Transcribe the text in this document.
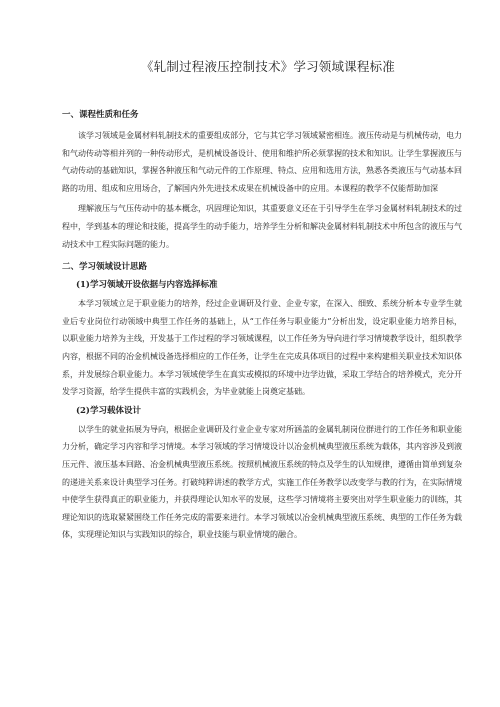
《轧制过程液压控制技术》学习领域课程标准
一、课程性质和任务
该学习领域是金属材料轧制技术的重要组成部分，它与其它学习领域紧密相连。液压传动是与机械传动，电力和气动传动等相并列的一种传动形式，是机械设备设计、使用和维护所必须掌握的技术和知识。让学生掌握液压与气动传动的基础知识，掌握各种液压和气动元件的工作原理、特点、应用和选用方法，熟悉各类液压与气动基本回路的功用、组成和应用场合，了解国内外先进技术成果在机械设备中的应用。本课程的教学不仅能帮助加深
理解液压与气压传动中的基本概念，巩固理论知识，其重要意义还在于引导学生在学习金属材料轧制技术的过程中，学到基本的理论和技能，提高学生的动手能力，培养学生分析和解决金属材料轧制技术中所包含的液压与气动技术中工程实际问题的能力。
二、学习领域设计思路
(1)学习领域开设依据与内容选择标准
本学习领域立足于职业能力的培养，经过企业调研及行业、企业专家，在深入、细致、系统分析本专业学生就业后专业岗位行动领域中典型工作任务的基础上，从“工作任务与职业能力”分析出发，设定职业能力培养目标，以职业能力培养为主线，开发基于工作过程的学习领域课程，以工作任务为导向进行学习情境教学设计，组织教学内容，根据不同的冶金机械设备选择相应的工作任务，让学生在完成具体项目的过程中来构建相关职业技术知识体系，并发展综合职业能力。本学习领域使学生在真实或模拟的环境中边学边做，采取工学结合的培养模式，充分开发学习资源，给学生提供丰富的实践机会，为毕业就能上岗奠定基础。
(2)学习载体设计
以学生的就业拓展为导向，根据企业调研及行业企业专家对所涵盖的金属轧制岗位群进行的工作任务和职业能力分析，确定学习内容和学习情境。本学习领域的学习情境设计以冶金机械典型液压系统为载体，其内容涉及到液压元件、液压基本回路、冶金机械典型液压系统。按照机械液压系统的特点及学生的认知规律，遵循由简单到复杂的递进关系来设计典型学习任务。打破纯粹讲述的教学方式，实施工作任务教学以改变学与教的行为，在实际情境中使学生获得真正的职业能力，并获得理论认知水平的发展，这些学习情境将主要突出对学生职业能力的训练，其理论知识的选取紧紧围绕工作任务完成的需要来进行。本学习领域以冶金机械典型液压系统、典型的工作任务为载体，实现理论知识与实践知识的综合，职业技能与职业情境的融合。
